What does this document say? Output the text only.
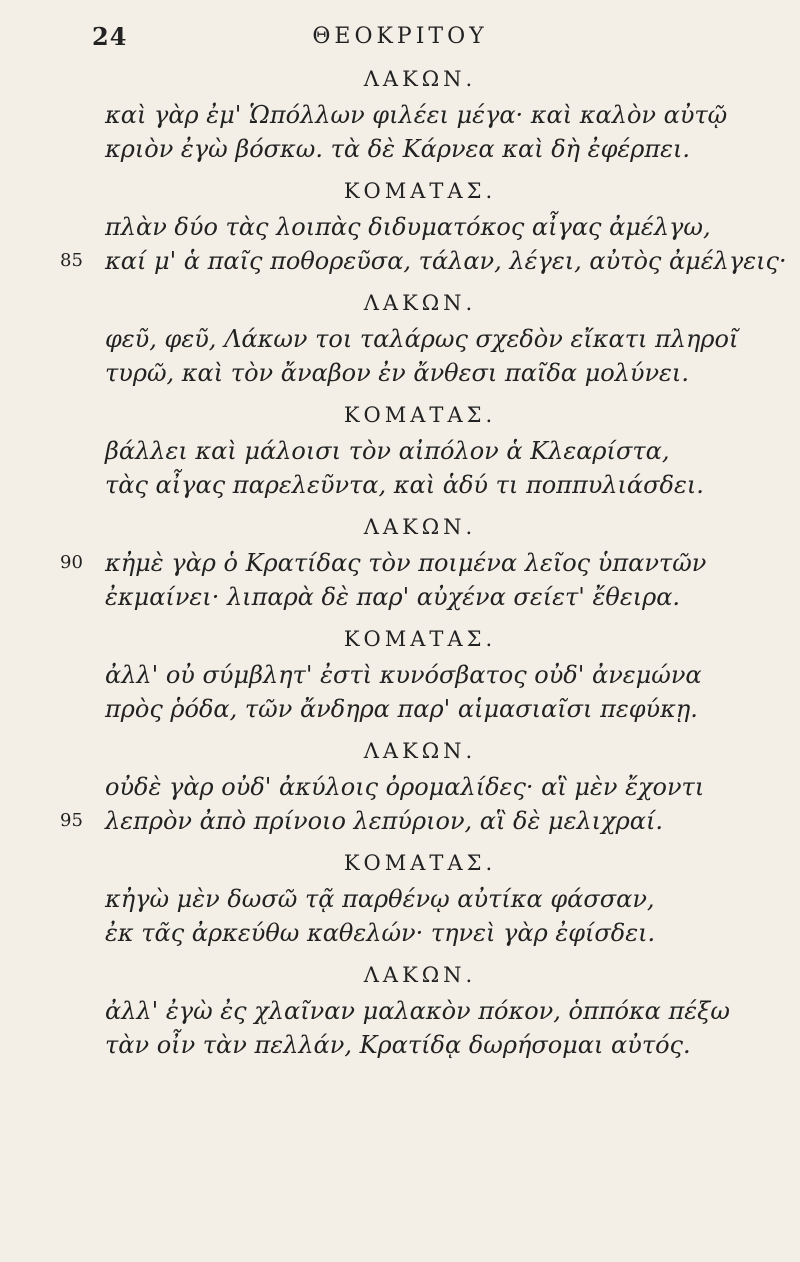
24	ΘΕΟΚΡΙΤΟΥ
ΛΑΚΩΝ.
καὶ γὰρ ἐμ' Ὡπόλλων φιλέει μέγα· καὶ καλὸν αὐτῷ
κριὸν ἐγὼ βόσκω. τὰ δὲ Κάρνεα καὶ δὴ ἐφέρπει.
ΚΟΜΑΤΑΣ.
πλὰν δύο τὰς λοιπὰς διδυματόκος αἶγας ἀμέλγω,
85 καί μ' ἁ παῖς ποθορεῦσα, τάλαν, λέγει, αὐτὸς ἀμέλγεις·
ΛΑΚΩΝ.
φεῦ, φεῦ, Λάκων τοι ταλάρως σχεδὸν εἴκατι πληροῖ
τυρῶ, καὶ τὸν ἄναβον ἐν ἄνθεσι παῖδα μολύνει.
ΚΟΜΑΤΑΣ.
βάλλει καὶ μάλοισι τὸν αἰπόλον ἁ Κλεαρίστα,
τὰς αἶγας παρελεῦντα, καὶ ἁδύ τι ποππυλιάσδει.
ΛΑΚΩΝ.
90 κἠμὲ γὰρ ὁ Κρατίδας τὸν ποιμένα λεῖος ὑπαντῶν
ἐκμαίνει· λιπαρὰ δὲ παρ' αὐχένα σείετ' ἔθειρα.
ΚΟΜΑΤΑΣ.
ἀλλ' οὐ σύμβλητ' ἐστὶ κυνόσβατος οὐδ' ἀνεμώνα
πρὸς ῥόδα, τῶν ἄνδηρα παρ' αἱμασιαῖσι πεφύκῃ.
ΛΑΚΩΝ.
οὐδὲ γὰρ οὐδ' ἀκύλοις ὀρομαλίδες· αἳ μὲν ἔχοντι
95 λεπρὸν ἀπὸ πρίνοιο λεπύριον, αἳ δὲ μελιχραί.
ΚΟΜΑΤΑΣ.
κἠγὼ μὲν δωσῶ τᾷ παρθένῳ αὐτίκα φάσσαν,
ἐκ τᾶς ἀρκεύθω καθελών· τηνεὶ γὰρ ἐφίσδει.
ΛΑΚΩΝ.
ἀλλ' ἐγὼ ἐς χλαῖναν μαλακὸν πόκον, ὁππόκα πέξω
τὰν οἶν τὰν πελλάν, Κρατίδᾳ δωρήσομαι αὐτός.
